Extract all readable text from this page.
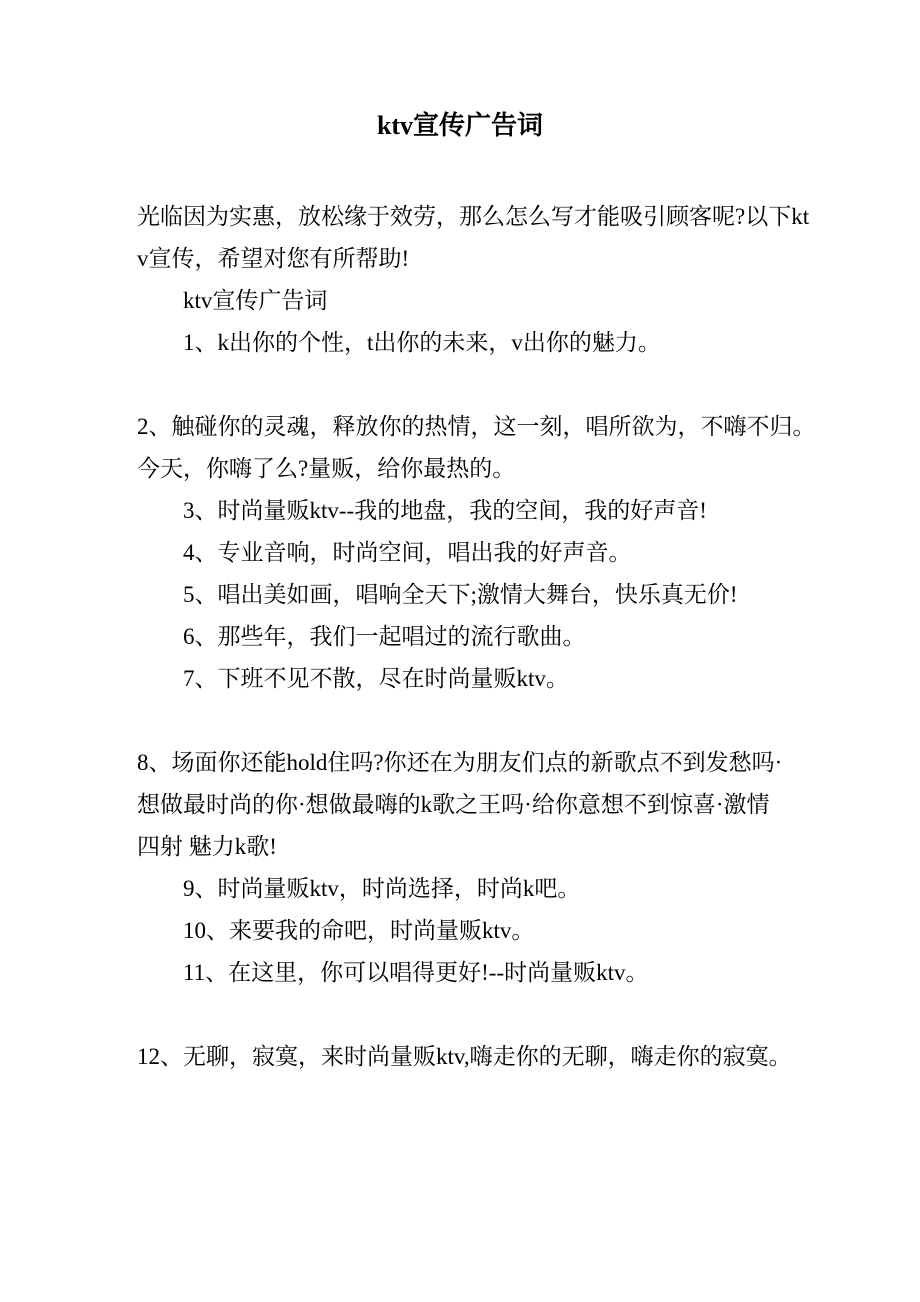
ktv宣传广告词
光临因为实惠，放松缘于效劳，那么怎么写才能吸引顾客呢?以下kt
v宣传，希望对您有所帮助!
ktv宣传广告词
1、k出你的个性，t出你的未来，v出你的魅力。
2、触碰你的灵魂，释放你的热情，这一刻，唱所欲为，不嗨不归。
今天，你嗨了么?量贩，给你最热的。
3、时尚量贩ktv--我的地盘，我的空间，我的好声音!
4、专业音响，时尚空间，唱出我的好声音。
5、唱出美如画，唱响全天下;激情大舞台，快乐真无价!
6、那些年，我们一起唱过的流行歌曲。
7、下班不见不散，尽在时尚量贩ktv。
8、场面你还能hold住吗?你还在为朋友们点的新歌点不到发愁吗·
想做最时尚的你·想做最嗨的k歌之王吗·给你意想不到惊喜·激情
四射 魅力k歌!
9、时尚量贩ktv，时尚选择，时尚k吧。
10、来要我的命吧，时尚量贩ktv。
11、在这里，你可以唱得更好!--时尚量贩ktv。
12、无聊，寂寞，来时尚量贩ktv,嗨走你的无聊，嗨走你的寂寞。
